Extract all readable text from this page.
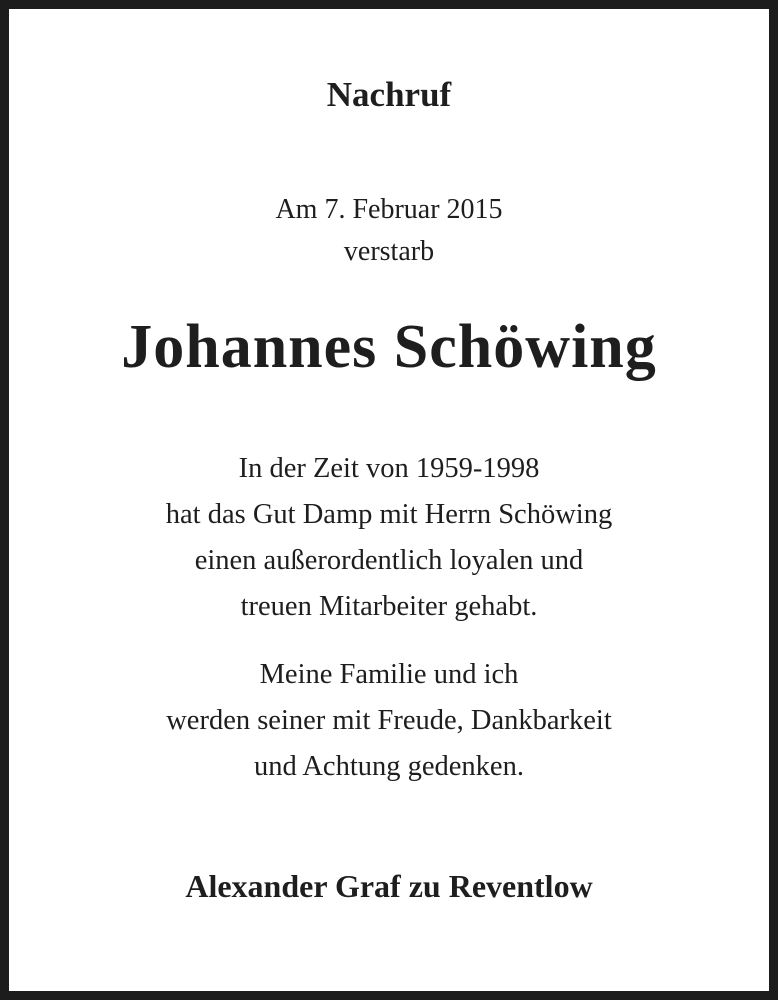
Nachruf
Am 7. Februar 2015
verstarb
Johannes Schöwing

In der Zeit von 1959-1998
hat das Gut Damp mit Herrn Schöwing
einen außerordentlich loyalen und
treuen Mitarbeiter gehabt.

Meine Familie und ich
werden seiner mit Freude, Dankbarkeit
und Achtung gedenken.

Alexander Graf zu Reventlow
